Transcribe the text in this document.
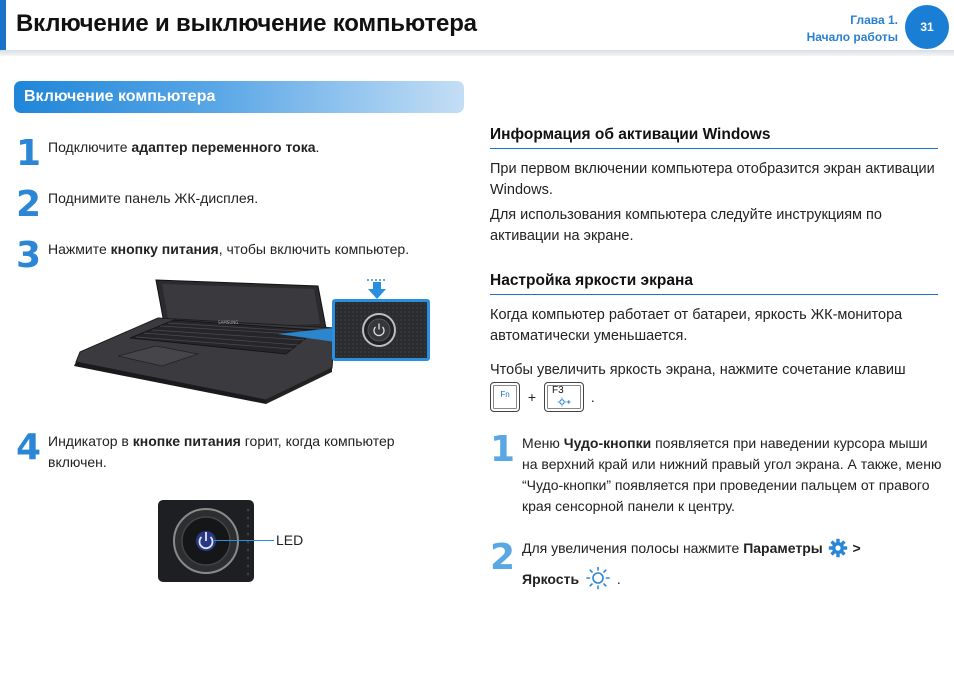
Включение и выключение компьютера	Глава 1.
Начало работы
31
Включение компьютера
1 Подключите адаптер переменного тока.
2 Поднимите панель ЖК-дисплея.
3 Нажмите кнопку питания, чтобы включить компьютер.
SAMSUNG
4 Индикатор в кнопке питания горит, когда компьютер включен.
LED
Информация об активации Windows
При первом включении компьютера отобразится экран активации Windows.
Для использования компьютера следуйте инструкциям по активации на экране.
Настройка яркости экрана
Когда компьютер работает от батареи, яркость ЖК-монитора автоматически уменьшается.
Чтобы увеличить яркость экрана, нажмите сочетание клавиш
Fn	+ F3 .
1 Меню Чудо-кнопки появляется при наведении курсора мыши на верхний край или нижний правый угол экрана. А также, меню “Чудо-кнопки” появляется при проведении пальцем от правого края сенсорной панели к центру.
2 Для увеличения полосы нажмите Параметры  >
Яркость	.
